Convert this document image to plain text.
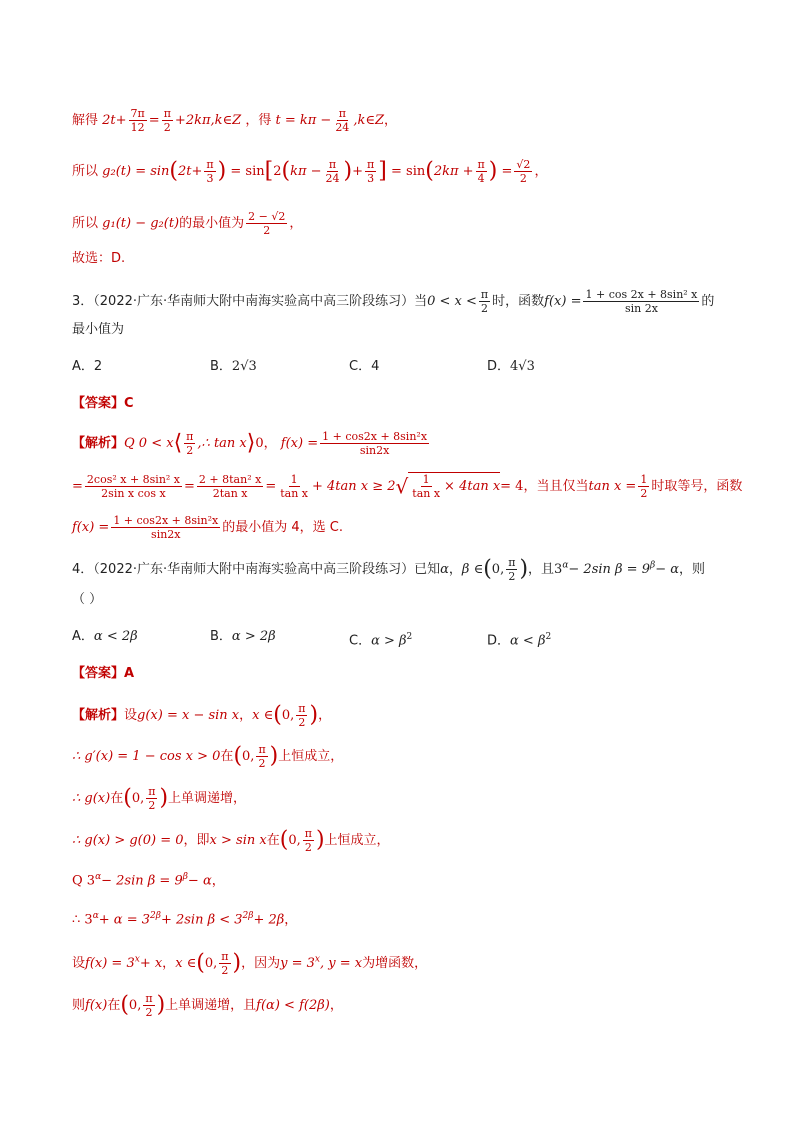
解得 $2t+ \frac{7\pi}{12} = \frac{\pi}{2}$ +2kπ,k∈Z ，得 $t = k\pi - \frac{\pi}{24}$ ,k∈Z，
所以 $g_2(t) = \sin(2t+ \frac{\pi}{3}$ ) = $\sin[2(k\pi - \frac{\pi}{24}$ )+ $\frac{\pi}{3}$ ] = $\sin(2k\pi + \frac{\pi}{4}$ ) = $\frac{√2}{2}$ ，
所以 g₁(t) − g₂(t)的最小值为 $\frac{2 - √2}{2}$ ，
故选：D.
3．（2022·广东·华南师大附中南海实验高中高三阶段练习）当$0 < x < \frac{\pi}{2}$ 时，函数$f(x) = \frac{\text{1 + cos 2x + 8sin² x}}{\sin 2x}$ 的
最小值为
A．2	B．2√3	C．4	D．4√3
【答案】C
【解析】Q 0 < x⟨ $\frac{\pi}{2}$ ,∴ tan x⟩0， $f(x) = \frac{\text{1 + cos2x + 8sin²x}}{\sin 2x}$
= $\frac{\text{2cos² x + 8sin² x}}{\text{2sin x cos x}} = \frac{\text{2 + 8tan² x}}{\text{2tan x}} = \frac{1}{\text{tan x}} + 4\tan$ $x \ge 2√ \frac{1}{\text{tan x}} \times 4\tan$ x= 4，当且仅当$\tan x = \frac{1}{2}$ 时取等号，函数
$f(x) = \frac{\text{1 + cos2x + 8sin²x}}{\sin 2x}$ 的最小值为 4，选 C.
4．（2022·广东·华南师大附中南海实验高中高三阶段练习）已知α，β ∈(0, $\frac{\pi}{2}$ )，且$3^\alpha- 2\sin$ $\beta = 9^\beta- \alpha$，则
（ ）
A．α < 2β	B．α > 2β	C．$\alpha > \beta^2$	D．$\alpha < \beta^2$
【答案】A
【解析】设g(x) = x − sin x，x ∈(0, $\frac{\pi}{2}$ )，
∴ g′(x) = 1 − cos x > 0在(0, $\frac{\pi}{2}$ )上恒成立，
∴ g(x)在(0, $\frac{\pi}{2}$ )上单调递增，
∴ g(x) > g(0) = 0，即x > sin x在(0, $\frac{\pi}{2}$ )上恒成立，
Q $3^\alpha- 2\sin$ $\beta = 9^\beta- \alpha$，
∴ $3^\alpha+ \alpha = 3^{2\beta}+ 2\sin$ $\beta < 3^{2\beta}+ 2\beta$，
设$f(x) = 3^x+ x$，x ∈(0, $\frac{\pi}{2}$ )，因为$y = 3^x$, y = x为增函数，
则f(x)在(0, $\frac{\pi}{2}$ )上单调递增，且f(α) < f(2β)，
